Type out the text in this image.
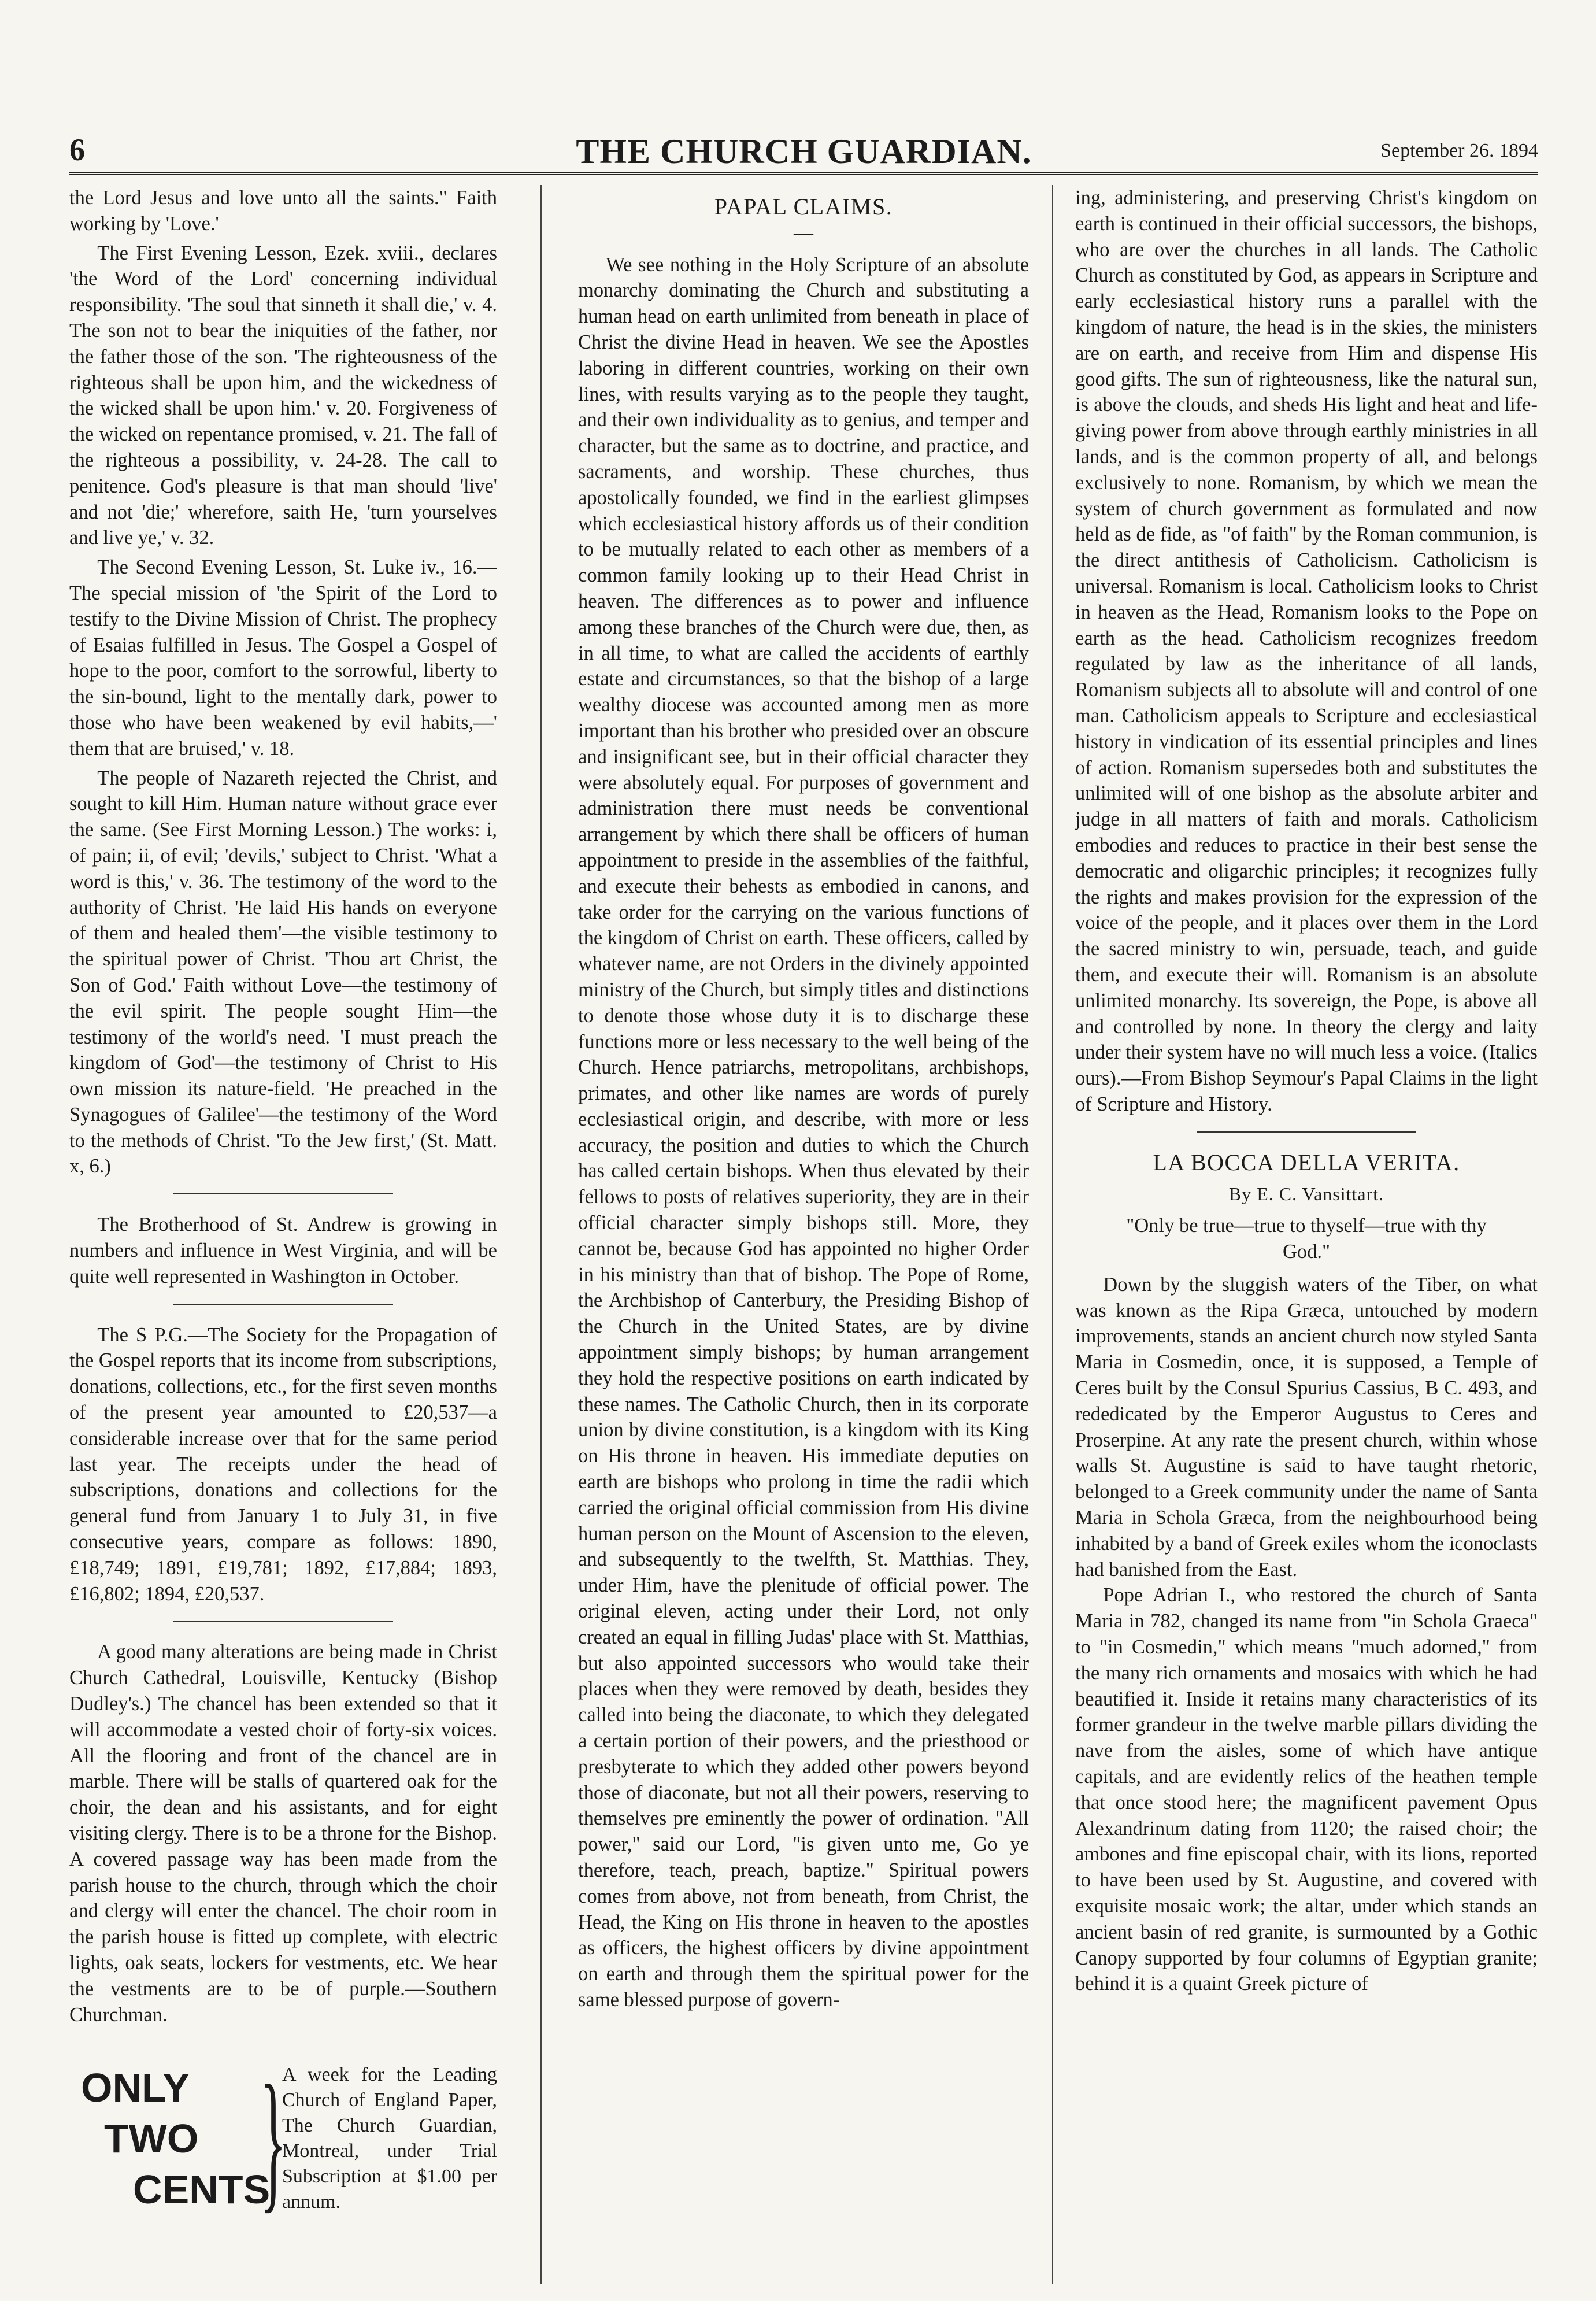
6	THE CHURCH GUARDIAN.	September 26. 1894

the Lord Jesus and love unto all the saints." Faith working by 'Love.'

The First Evening Lesson, Ezek. xviii., declares 'the Word of the Lord' concerning individual responsibility. 'The soul that sinneth it shall die,' v. 4. The son not to bear the iniquities of the father, nor the father those of the son. 'The righteousness of the righteous shall be upon him, and the wickedness of the wicked shall be upon him.' v. 20. Forgiveness of the wicked on repentance promised, v. 21. The fall of the righteous a possibility, v. 24-28. The call to penitence. God's pleasure is that man should 'live' and not 'die;' wherefore, saith He, 'turn yourselves and live ye,' v. 32.

The Second Evening Lesson, St. Luke iv., 16.—The special mission of 'the Spirit of the Lord to testify to the Divine Mission of Christ. The prophecy of Esaias fulfilled in Jesus. The Gospel a Gospel of hope to the poor, comfort to the sorrowful, liberty to the sin-bound, light to the mentally dark, power to those who have been weakened by evil habits,—' them that are bruised,' v. 18.

The people of Nazareth rejected the Christ, and sought to kill Him. Human nature without grace ever the same. (See First Morning Lesson.) The works: i, of pain; ii, of evil; 'devils,' subject to Christ. 'What a word is this,' v. 36. The testimony of the word to the authority of Christ. 'He laid His hands on everyone of them and healed them'—the visible testimony to the spiritual power of Christ. 'Thou art Christ, the Son of God.' Faith without Love—the testimony of the evil spirit. The people sought Him—the testimony of the world's need. 'I must preach the kingdom of God'—the testimony of Christ to His own mission its nature-field. 'He preached in the Synagogues of Galilee'—the testimony of the Word to the methods of Christ. 'To the Jew first,' (St. Matt. x, 6.)

The Brotherhood of St. Andrew is growing in numbers and influence in West Virginia, and will be quite well represented in Washington in October.

The S P.G.—The Society for the Propagation of the Gospel reports that its income from subscriptions, donations, collections, etc., for the first seven months of the present year amounted to £20,537—a considerable increase over that for the same period last year. The receipts under the head of subscriptions, donations and collections for the general fund from January 1 to July 31, in five consecutive years, compare as follows: 1890, £18,749; 1891, £19,781; 1892, £17,884; 1893, £16,802; 1894, £20,537.

A good many alterations are being made in Christ Church Cathedral, Louisville, Kentucky (Bishop Dudley's.) The chancel has been extended so that it will accommodate a vested choir of forty-six voices. All the flooring and front of the chancel are in marble. There will be stalls of quartered oak for the choir, the dean and his assistants, and for eight visiting clergy. There is to be a throne for the Bishop. A covered passage way has been made from the parish house to the church, through which the choir and clergy will enter the chancel. The choir room in the parish house is fitted up complete, with electric lights, oak seats, lockers for vestments, etc. We hear the vestments are to be of purple.—Southern Churchman.

ONLY
TWO
CENTS
}
A week for the Leading Church of England Paper, The Church Guardian, Montreal, under Trial Subscription at $1.00 per annum.

PAPAL CLAIMS.

—

We see nothing in the Holy Scripture of an absolute monarchy dominating the Church and substituting a human head on earth unlimited from beneath in place of Christ the divine Head in heaven. We see the Apostles laboring in different countries, working on their own lines, with results varying as to the people they taught, and their own individuality as to genius, and temper and character, but the same as to doctrine, and practice, and sacraments, and worship. These churches, thus apostolically founded, we find in the earliest glimpses which ecclesiastical history affords us of their condition to be mutually related to each other as members of a common family looking up to their Head Christ in heaven. The differences as to power and influence among these branches of the Church were due, then, as in all time, to what are called the accidents of earthly estate and circumstances, so that the bishop of a large wealthy diocese was accounted among men as more important than his brother who presided over an obscure and insignificant see, but in their official character they were absolutely equal. For purposes of government and administration there must needs be conventional arrangement by which there shall be officers of human appointment to preside in the assemblies of the faithful, and execute their behests as embodied in canons, and take order for the carrying on the various functions of the kingdom of Christ on earth. These officers, called by whatever name, are not Orders in the divinely appointed ministry of the Church, but simply titles and distinctions to denote those whose duty it is to discharge these functions more or less necessary to the well being of the Church. Hence patriarchs, metropolitans, archbishops, primates, and other like names are words of purely ecclesiastical origin, and describe, with more or less accuracy, the position and duties to which the Church has called certain bishops. When thus elevated by their fellows to posts of relatives superiority, they are in their official character simply bishops still. More, they cannot be, because God has appointed no higher Order in his ministry than that of bishop. The Pope of Rome, the Archbishop of Canterbury, the Presiding Bishop of the Church in the United States, are by divine appointment simply bishops; by human arrangement they hold the respective positions on earth indicated by these names. The Catholic Church, then in its corporate union by divine constitution, is a kingdom with its King on His throne in heaven. His immediate deputies on earth are bishops who prolong in time the radii which carried the original official commission from His divine human person on the Mount of Ascension to the eleven, and subsequently to the twelfth, St. Matthias. They, under Him, have the plenitude of official power. The original eleven, acting under their Lord, not only created an equal in filling Judas' place with St. Matthias, but also appointed successors who would take their places when they were removed by death, besides they called into being the diaconate, to which they delegated a certain portion of their powers, and the priesthood or presbyterate to which they added other powers beyond those of diaconate, but not all their powers, reserving to themselves pre eminently the power of ordination. "All power," said our Lord, "is given unto me, Go ye therefore, teach, preach, baptize." Spiritual powers comes from above, not from beneath, from Christ, the Head, the King on His throne in heaven to the apostles as officers, the highest officers by divine appointment on earth and through them the spiritual power for the same blessed purpose of govern-

ing, administering, and preserving Christ's kingdom on earth is continued in their official successors, the bishops, who are over the churches in all lands. The Catholic Church as constituted by God, as appears in Scripture and early ecclesiastical history runs a parallel with the kingdom of nature, the head is in the skies, the ministers are on earth, and receive from Him and dispense His good gifts. The sun of righteousness, like the natural sun, is above the clouds, and sheds His light and heat and life-giving power from above through earthly ministries in all lands, and is the common property of all, and belongs exclusively to none. Romanism, by which we mean the system of church government as formulated and now held as de fide, as "of faith" by the Roman communion, is the direct antithesis of Catholicism. Catholicism is universal. Romanism is local. Catholicism looks to Christ in heaven as the Head, Romanism looks to the Pope on earth as the head. Catholicism recognizes freedom regulated by law as the inheritance of all lands, Romanism subjects all to absolute will and control of one man. Catholicism appeals to Scripture and ecclesiastical history in vindication of its essential principles and lines of action. Romanism supersedes both and substitutes the unlimited will of one bishop as the absolute arbiter and judge in all matters of faith and morals. Catholicism embodies and reduces to practice in their best sense the democratic and oligarchic principles; it recognizes fully the rights and makes provision for the expression of the voice of the people, and it places over them in the Lord the sacred ministry to win, persuade, teach, and guide them, and execute their will. Romanism is an absolute unlimited monarchy. Its sovereign, the Pope, is above all and controlled by none. In theory the clergy and laity under their system have no will much less a voice. (Italics ours).—From Bishop Seymour's Papal Claims in the light of Scripture and History.

LA BOCCA DELLA VERITA.

By E. C. Vansittart.

"Only be true—true to thyself—true with thy God."

Down by the sluggish waters of the Tiber, on what was known as the Ripa Græca, untouched by modern improvements, stands an ancient church now styled Santa Maria in Cosmedin, once, it is supposed, a Temple of Ceres built by the Consul Spurius Cassius, B C. 493, and rededicated by the Emperor Augustus to Ceres and Proserpine. At any rate the present church, within whose walls St. Augustine is said to have taught rhetoric, belonged to a Greek community under the name of Santa Maria in Schola Græca, from the neighbourhood being inhabited by a band of Greek exiles whom the iconoclasts had banished from the East.

Pope Adrian I., who restored the church of Santa Maria in 782, changed its name from "in Schola Graeca" to "in Cosmedin," which means "much adorned," from the many rich ornaments and mosaics with which he had beautified it. Inside it retains many characteristics of its former grandeur in the twelve marble pillars dividing the nave from the aisles, some of which have antique capitals, and are evidently relics of the heathen temple that once stood here; the magnificent pavement Opus Alexandrinum dating from 1120; the raised choir; the ambones and fine episcopal chair, with its lions, reported to have been used by St. Augustine, and covered with exquisite mosaic work; the altar, under which stands an ancient basin of red granite, is surmounted by a Gothic Canopy supported by four columns of Egyptian granite; behind it is a quaint Greek picture of
